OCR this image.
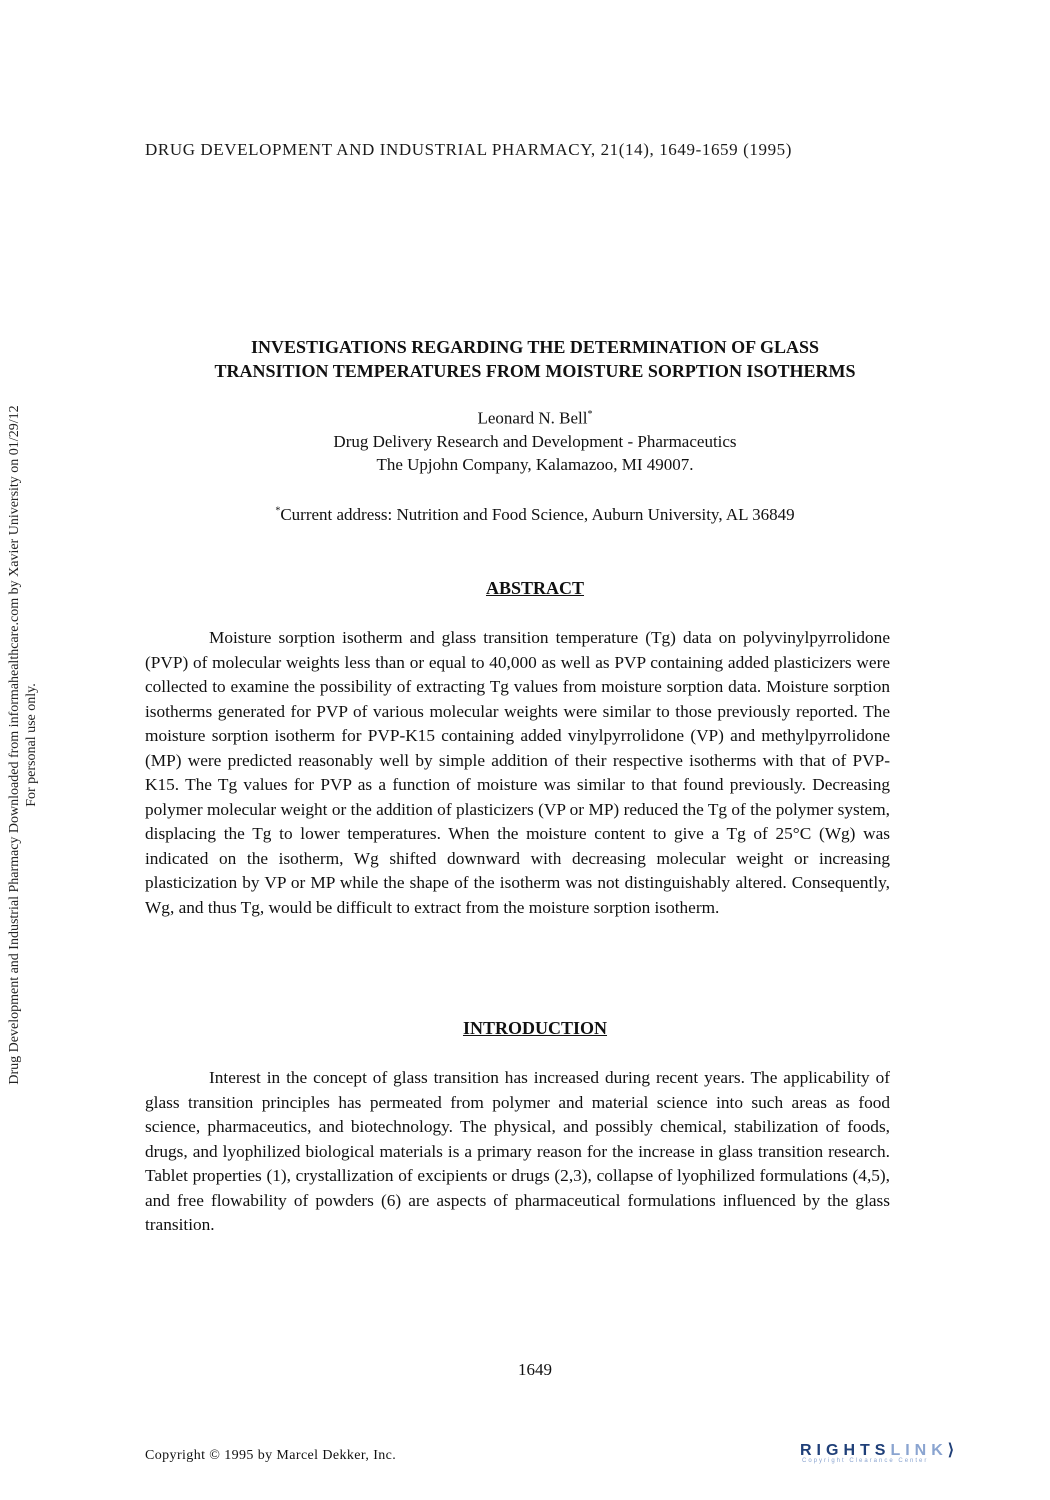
DRUG DEVELOPMENT AND INDUSTRIAL PHARMACY, 21(14), 1649-1659 (1995)
Drug Development and Industrial Pharmacy Downloaded from informahealthcare.com by Xavier University on 01/29/12 For personal use only.
INVESTIGATIONS REGARDING THE DETERMINATION OF GLASS
TRANSITION TEMPERATURES FROM MOISTURE SORPTION ISOTHERMS
Leonard N. Bell*
Drug Delivery Research and Development - Pharmaceutics
The Upjohn Company, Kalamazoo, MI 49007.
*Current address: Nutrition and Food Science, Auburn University, AL 36849
ABSTRACT
Moisture sorption isotherm and glass transition temperature (Tg) data on polyvinylpyrrolidone (PVP) of molecular weights less than or equal to 40,000 as well as PVP containing added plasticizers were collected to examine the possibility of extracting Tg values from moisture sorption data. Moisture sorption isotherms generated for PVP of various molecular weights were similar to those previously reported. The moisture sorption isotherm for PVP-K15 containing added vinylpyrrolidone (VP) and methylpyrrolidone (MP) were predicted reasonably well by simple addition of their respective isotherms with that of PVP-K15. The Tg values for PVP as a function of moisture was similar to that found previously. Decreasing polymer molecular weight or the addition of plasticizers (VP or MP) reduced the Tg of the polymer system, displacing the Tg to lower temperatures. When the moisture content to give a Tg of 25°C (Wg) was indicated on the isotherm, Wg shifted downward with decreasing molecular weight or increasing plasticization by VP or MP while the shape of the isotherm was not distinguishably altered. Consequently, Wg, and thus Tg, would be difficult to extract from the moisture sorption isotherm.
INTRODUCTION
Interest in the concept of glass transition has increased during recent years. The applicability of glass transition principles has permeated from polymer and material science into such areas as food science, pharmaceutics, and biotechnology. The physical, and possibly chemical, stabilization of foods, drugs, and lyophilized biological materials is a primary reason for the increase in glass transition research. Tablet properties (1), crystallization of excipients or drugs (2,3), collapse of lyophilized formulations (4,5), and free flowability of powders (6) are aspects of pharmaceutical formulations influenced by the glass transition.
1649
Copyright © 1995 by Marcel Dekker, Inc.	RIGHTSLINK⟩
Copyright Clearance Center
